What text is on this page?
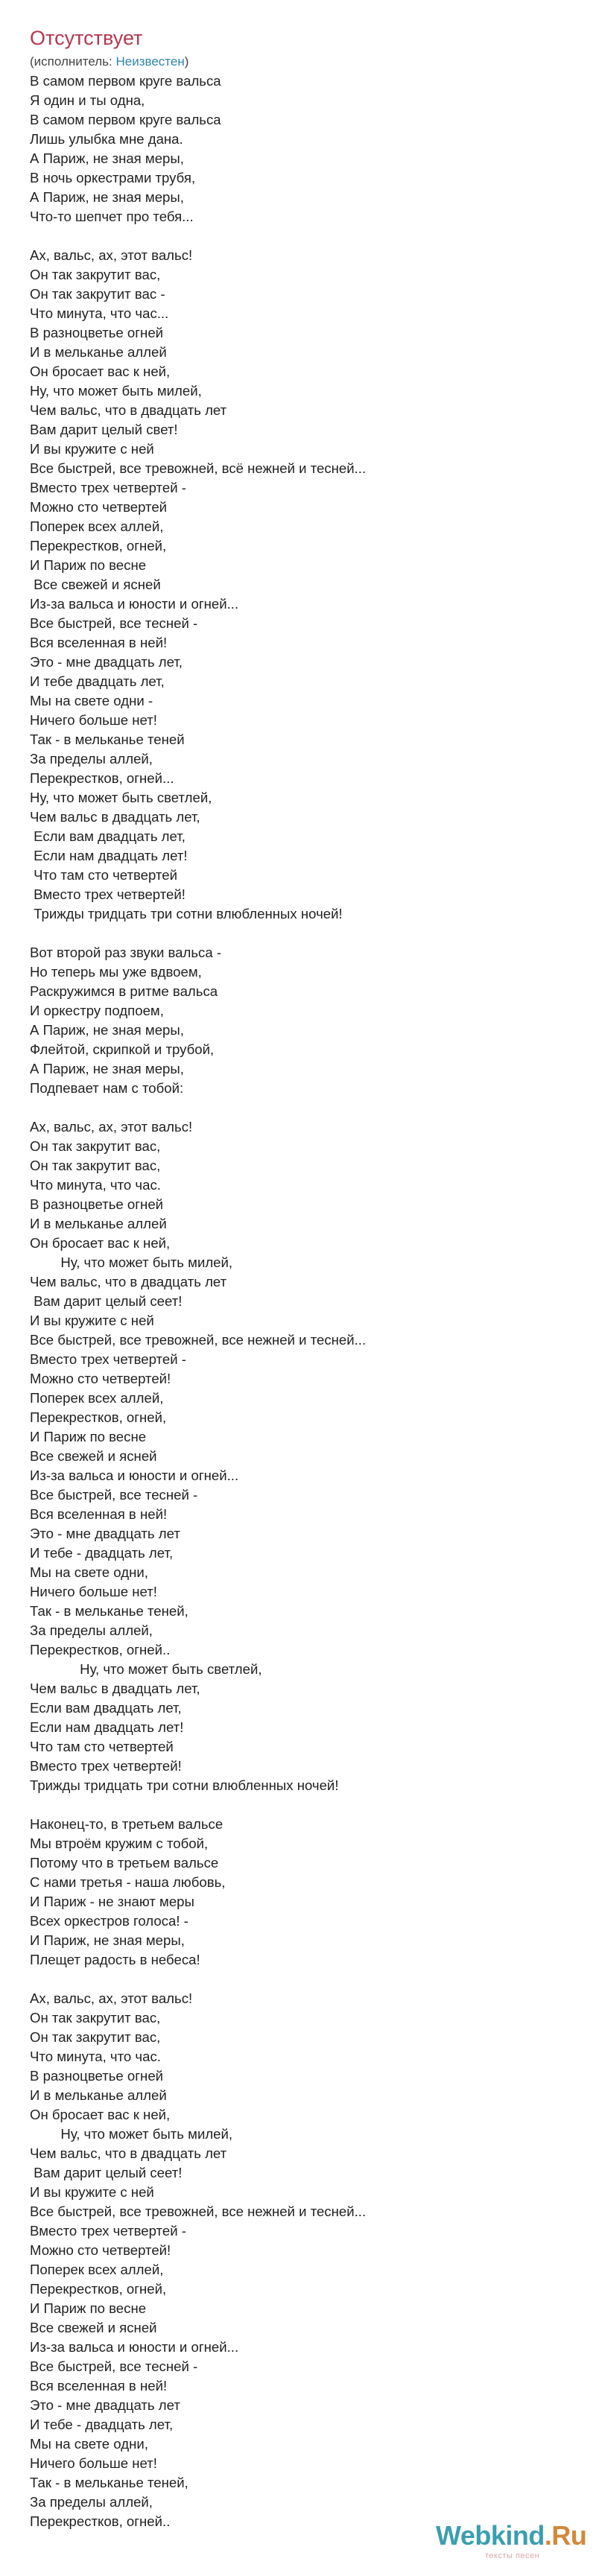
Отсутствует
(исполнитель: Неизвестен)
В самом первом круге вальса
Я один и ты одна,
В самом первом круге вальса
Лишь улыбка мне дана.
А Париж, не зная меры,
В ночь оркестрами трубя,
А Париж, не зная меры,
Что-то шепчет про тебя...
Ах, вальс, ах, этот вальс!
Он так закрутит вас,
Он так закрутит вас -
Что минута, что час...
В разноцветье огней
И в мельканье аллей
Он бросает вас к ней,
Ну, что может быть милей,
Чем вальс, что в двадцать лет
Вам дарит целый свет!
И вы кружите с ней
Все быстрей, все тревожней, всё нежней и тесней...
Вместо трех четвертей -
Можно сто четвертей
Поперек всех аллей,
Перекрестков, огней,
И Париж по весне
Все свежей и ясней
Из-за вальса и юности и огней...
Все быстрей, все тесней -
Вся вселенная в ней!
Это - мне двадцать лет,
И тебе двадцать лет,
Мы на свете одни -
Ничего больше нет!
Так - в мельканье теней
За пределы аллей,
Перекрестков, огней...
Ну, что может быть светлей,
Чем вальс в двадцать лет,
Если вам двадцать лет,
Если нам двадцать лет!
Что там сто четвертей
Вместо трех четвертей!
Трижды тридцать три сотни влюбленных ночей!
Вот второй раз звуки вальса -
Но теперь мы уже вдвоем,
Раскружимся в ритме вальса
И оркестру подпоем,
А Париж, не зная меры,
Флейтой, скрипкой и трубой,
А Париж, не зная меры,
Подпевает нам с тобой:
Ах, вальс, ах, этот вальс!
Он так закрутит вас,
Он так закрутит вас,
Что минута, что час.
В разноцветье огней
И в мельканье аллей
Он бросает вас к ней,
Ну, что может быть милей,
Чем вальс, что в двадцать лет
Вам дарит целый сеет!
И вы кружите с ней
Все быстрей, все тревожней, все нежней и тесней...
Вместо трех четвертей -
Можно сто четвертей!
Поперек всех аллей,
Перекрестков, огней,
И Париж по весне
Все свежей и ясней
Из-за вальса и юности и огней...
Все быстрей, все тесней -
Вся вселенная в ней!
Это - мне двадцать лет
И тебе - двадцать лет,
Мы на свете одни,
Ничего больше нет!
Так - в мельканье теней,
За пределы аллей,
Перекрестков, огней..
Ну, что может быть светлей,
Чем вальс в двадцать лет,
Если вам двадцать лет,
Если нам двадцать лет!
Что там сто четвертей
Вместо трех четвертей!
Трижды тридцать три сотни влюбленных ночей!
Наконец-то, в третьем вальсе
Мы втроём кружим с тобой,
Потому что в третьем вальсе
С нами третья - наша любовь,
И Париж - не знают меры
Всех оркестров голоса! -
И Париж, не зная меры,
Плещет радость в небеса!
Ах, вальс, ах, этот вальс!
Он так закрутит вас,
Он так закрутит вас,
Что минута, что час.
В разноцветье огней
И в мельканье аллей
Он бросает вас к ней,
Ну, что может быть милей,
Чем вальс, что в двадцать лет
Вам дарит целый сеет!
И вы кружите с ней
Все быстрей, все тревожней, все нежней и тесней...
Вместо трех четвертей -
Можно сто четвертей!
Поперек всех аллей,
Перекрестков, огней,
И Париж по весне
Все свежей и ясней
Из-за вальса и юности и огней...
Все быстрей, все тесней -
Вся вселенная в ней!
Это - мне двадцать лет
И тебе - двадцать лет,
Мы на свете одни,
Ничего больше нет!
Так - в мельканье теней,
За пределы аллей,
Перекрестков, огней..	Webkind.Ru
тексты песен
